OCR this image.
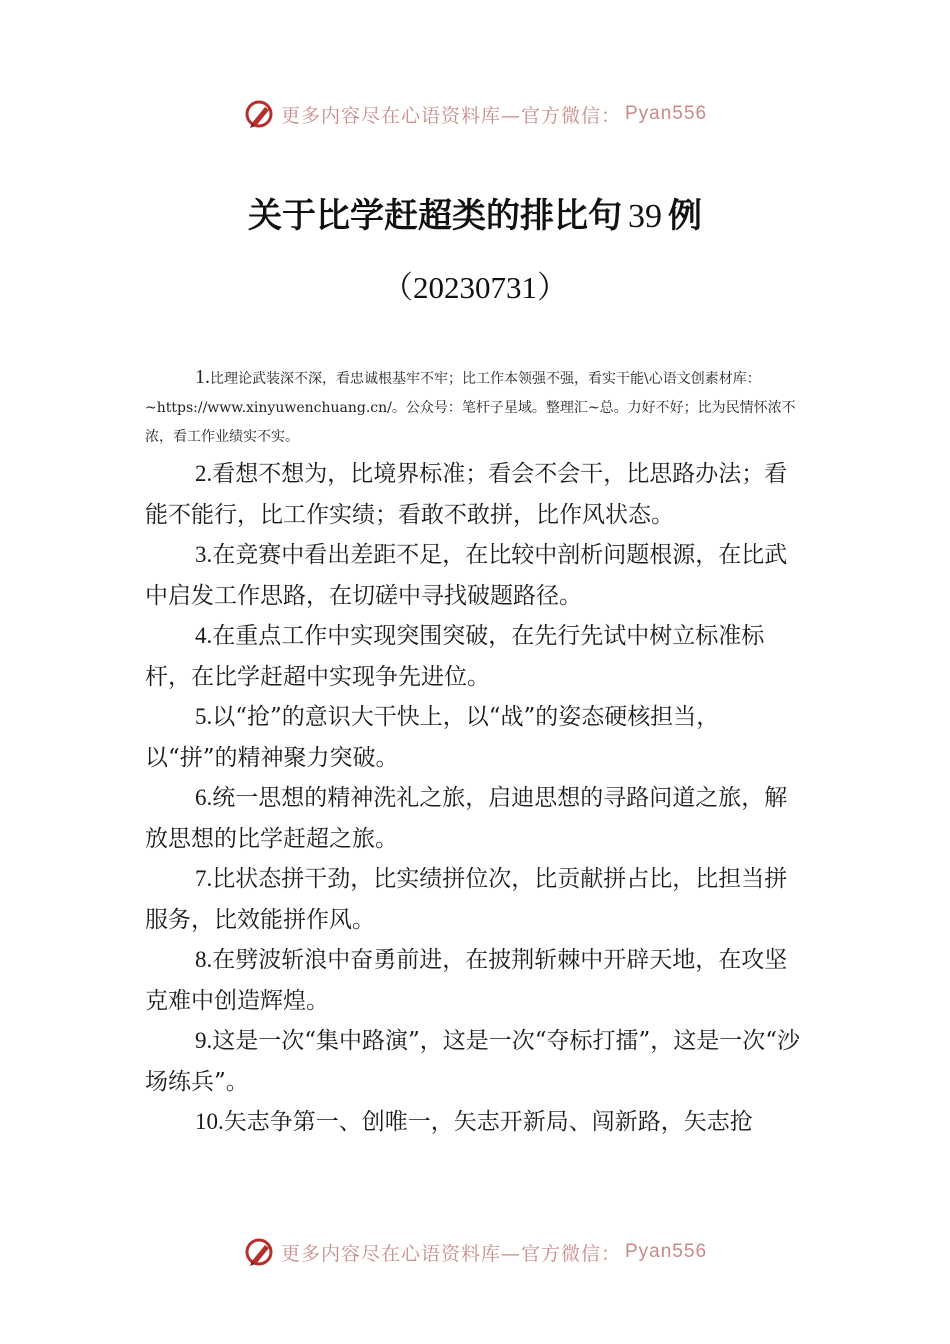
更多内容尽在心语资料库—官方微信： Pyan556
关于比学赶超类的排比句 39 例
（20230731）

1.比理论武装深不深，看忠诚根基牢不牢；比工作本领强不强，看实干能\心语文创素材库：~https://www.xinyuwenchuang.cn/。公众号：笔杆子星域。整理汇~总。力好不好；比为民情怀浓不浓，看工作业绩实不实。

2.看想不想为，比境界标准；看会不会干，比思路办法；看能不能行，比工作实绩；看敢不敢拼，比作风状态。

3.在竞赛中看出差距不足，在比较中剖析问题根源，在比武中启发工作思路，在切磋中寻找破题路径。

4.在重点工作中实现突围突破，在先行先试中树立标准标杆，在比学赶超中实现争先进位。

5.以“抢”的意识大干快上，以“战”的姿态硬核担当，以“拼”的精神聚力突破。

6.统一思想的精神洗礼之旅，启迪思想的寻路问道之旅，解放思想的比学赶超之旅。

7.比状态拼干劲，比实绩拼位次，比贡献拼占比，比担当拼服务，比效能拼作风。

8.在劈波斩浪中奋勇前进，在披荆斩棘中开辟天地，在攻坚克难中创造辉煌。

9.这是一次“集中路演”，这是一次“夺标打擂”，这是一次“沙场练兵”。

10.矢志争第一、创唯一，矢志开新局、闯新路，矢志抢

更多内容尽在心语资料库—官方微信： Pyan556
